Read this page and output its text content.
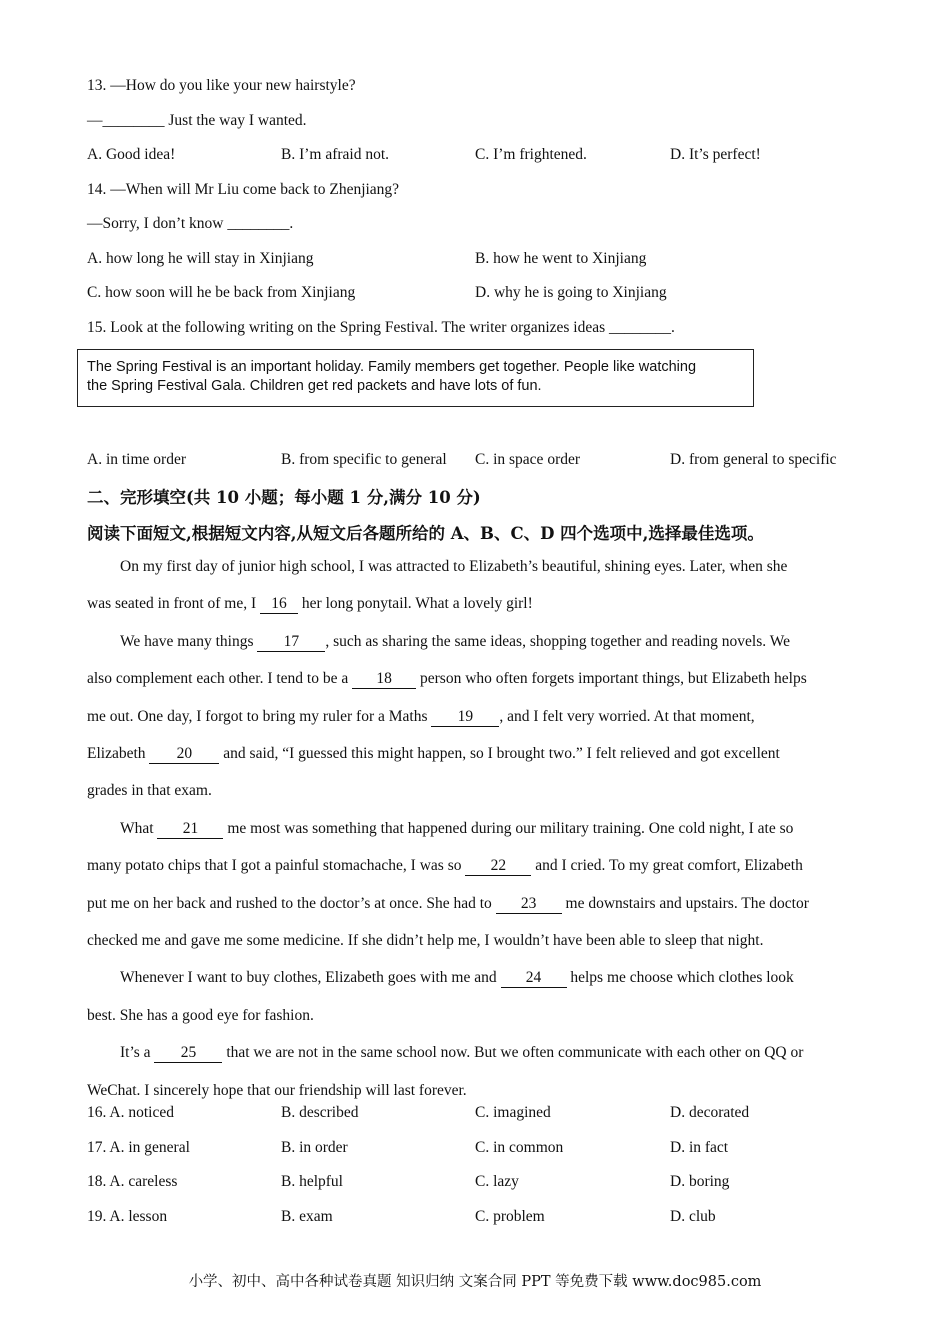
13. —How do you like your new hairstyle?
—________ Just the way I wanted.
A. Good idea!	B. I’m afraid not.	C. I’m frightened.	D. It’s perfect!
14. —When will Mr Liu come back to Zhenjiang?
—Sorry, I don’t know ________.
A. how long he will stay in Xinjiang	B. how he went to Xinjiang
C. how soon will he be back from Xinjiang	D. why he is going to Xinjiang
15. Look at the following writing on the Spring Festival. The writer organizes ideas ________.
The Spring Festival is an important holiday. Family members get together. People like watching
the Spring Festival Gala. Children get red packets and have lots of fun.
A. in time order	B. from specific to general C. in space order	D. from general to specific
二、完形填空(共 10 小题；每小题 1 分,满分 10 分)
阅读下面短文,根据短文内容,从短文后各题所给的 A、B、C、D 四个选项中,选择最佳选项。

On my first day of junior high school, I was attracted to Elizabeth’s beautiful, shining eyes. Later, when she

was seated in front of me, I 16 her long ponytail. What a lovely girl!

We have many things 17 , such as sharing the same ideas, shopping together and reading novels. We

also complement each other. I tend to be a 18 person who often forgets important things, but Elizabeth helps

me out. One day, I forgot to bring my ruler for a Maths 19 , and I felt very worried. At that moment,

Elizabeth 20 and said, “I guessed this might happen, so I brought two.” I felt relieved and got excellent

grades in that exam.

What 21 me most was something that happened during our military training. One cold night, I ate so

many potato chips that I got a painful stomachache, I was so 22 and I cried. To my great comfort, Elizabeth

put me on her back and rushed to the doctor’s at once. She had to 23 me downstairs and upstairs. The doctor

checked me and gave me some medicine. If she didn’t help me, I wouldn’t have been able to sleep that night.

Whenever I want to buy clothes, Elizabeth goes with me and 24 helps me choose which clothes look

best. She has a good eye for fashion.

It’s a 25 that we are not in the same school now. But we often communicate with each other on QQ or

WeChat. I sincerely hope that our friendship will last forever.

16. A. noticed	B. described	C. imagined	D. decorated
17. A. in general	B. in order	C. in common	D. in fact
18. A. careless	B. helpful	C. lazy	D. boring
19. A. lesson	B. exam	C. problem	D. club
小学、初中、高中各种试卷真题 知识归纳 文案合同 PPT 等免费下载 www.doc985.com
